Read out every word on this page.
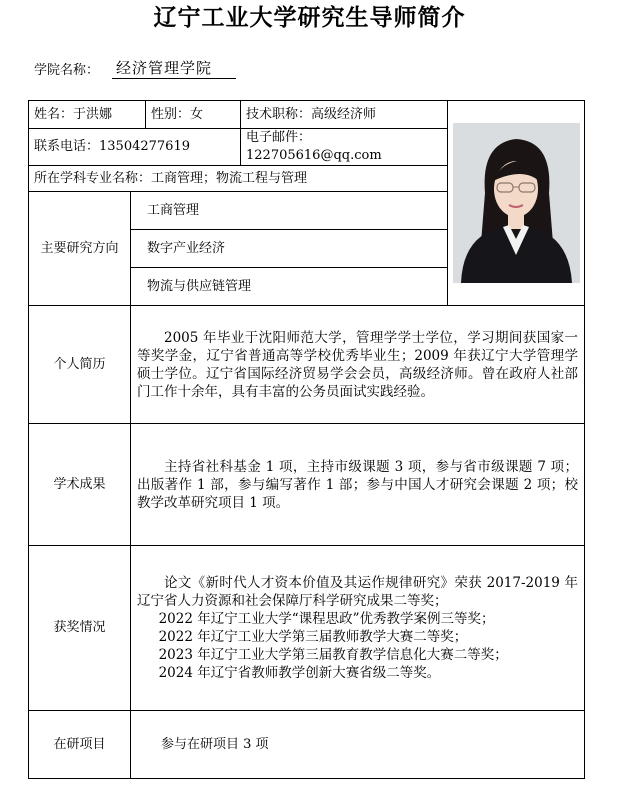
辽宁工业大学研究生导师简介
学院名称： 经济管理学院
姓名：于洪娜		性别：女	技术职称：高级经济师	

联系电话：13504277619			电子邮件：122705616@qq.com	
所在学科专业名称：工商管理；物流工程与管理				
主要研究方向	工商管理			
	数字产业经济			
	物流与供应链管理			
个人简历	2005 年毕业于沈阳师范大学，管理学学士学位，学习期间获国家一等奖学金，辽宁省普通高等学校优秀毕业生；2009 年获辽宁大学管理学硕士学位。辽宁省国际经济贸易学会会员，高级经济师。曾在政府人社部门工作十余年，具有丰富的公务员面试实践经验。			

学术成果	主持省社科基金 1 项，主持市级课题 3 项，参与省市级课题 7 项；出版著作 1 部，参与编写著作 1 部；参与中国人才研究会课题 2 项；校教学改革研究项目 1 项。			

获奖情况	论文《新时代人才资本价值及其运作规律研究》荣获 2017-2019 年辽宁省人力资源和社会保障厅科学研究成果二等奖；

2022 年辽宁工业大学“课程思政”优秀教学案例三等奖；

2022 年辽宁工业大学第三届教师教学大赛二等奖；

2023 年辽宁工业大学第三届教育教学信息化大赛二等奖；

2024 年辽宁省教师教学创新大赛省级二等奖。			

在研项目	参与在研项目 3 项			
